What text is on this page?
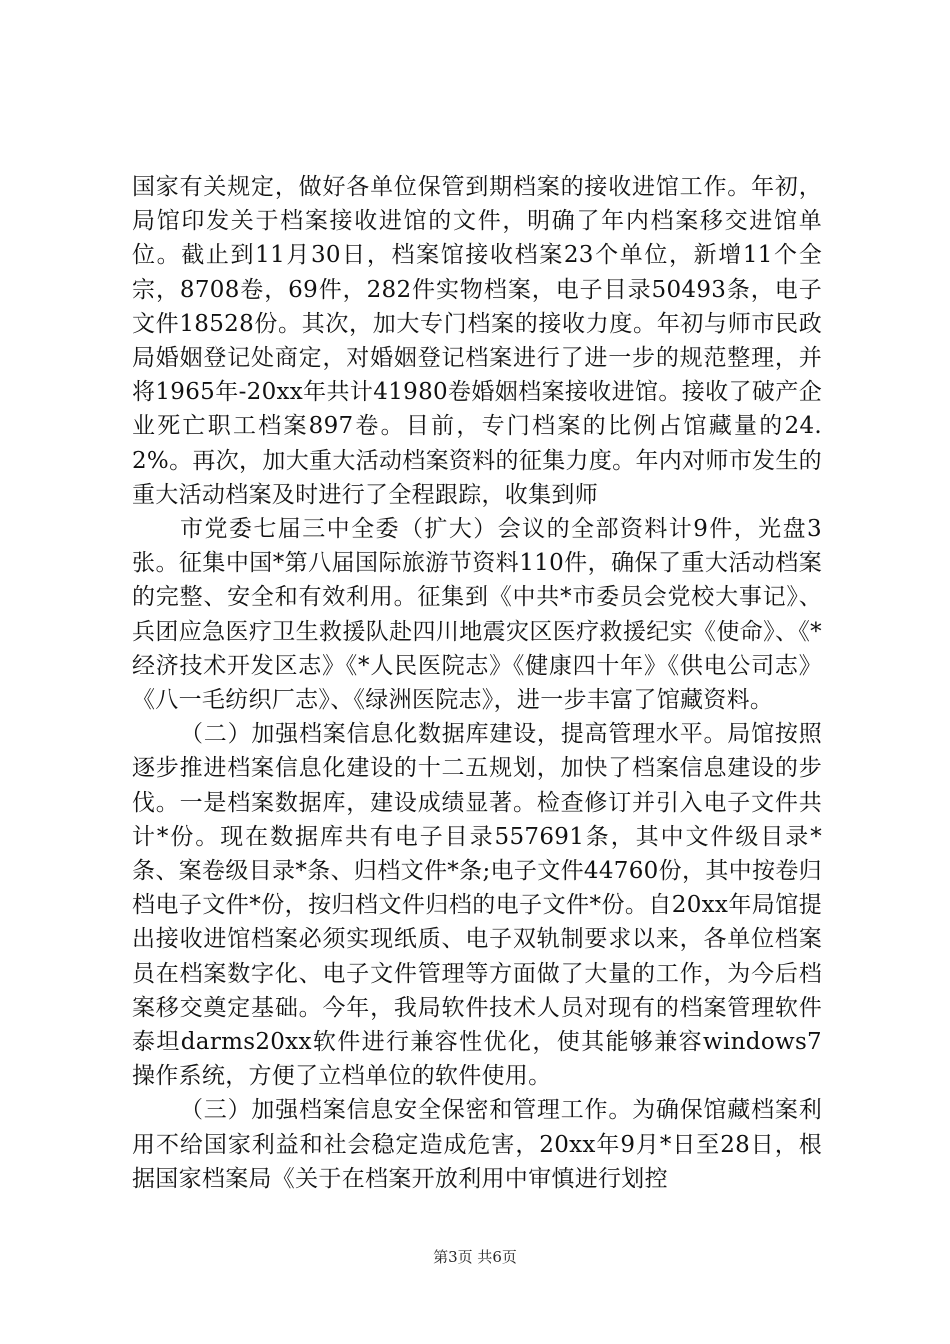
国家有关规定，做好各单位保管到期档案的接收进馆工作。年初，局馆印发关于档案接收进馆的文件，明确了年内档案移交进馆单位。截止到11月30日，档案馆接收档案23个单位，新增11个全宗，8708卷，69件，282件实物档案，电子目录50493条，电子文件18528份。其次，加大专门档案的接收力度。年初与师市民政局婚姻登记处商定，对婚姻登记档案进行了进一步的规范整理，并将1965年-20xx年共计41980卷婚姻档案接收进馆。接收了破产企业死亡职工档案897卷。目前，专门档案的比例占馆藏量的24.2%。再次，加大重大活动档案资料的征集力度。年内对师市发生的重大活动档案及时进行了全程跟踪，收集到师

市党委七届三中全委（扩大）会议的全部资料计9件，光盘3张。征集中国*第八届国际旅游节资料110件，确保了重大活动档案的完整、安全和有效利用。征集到《中共*市委员会党校大事记》、兵团应急医疗卫生救援队赴四川地震灾区医疗救援纪实《使命》、《*经济技术开发区志》《*人民医院志》《健康四十年》《供电公司志》《八一毛纺织厂志》、《绿洲医院志》，进一步丰富了馆藏资料。

（二）加强档案信息化数据库建设，提高管理水平。局馆按照逐步推进档案信息化建设的十二五规划，加快了档案信息建设的步伐。一是档案数据库，建设成绩显著。检查修订并引入电子文件共计*份。现在数据库共有电子目录557691条，其中文件级目录*条、案卷级目录*条、归档文件*条;电子文件44760份，其中按卷归档电子文件*份，按归档文件归档的电子文件*份。自20xx年局馆提出接收进馆档案必须实现纸质、电子双轨制要求以来，各单位档案员在档案数字化、电子文件管理等方面做了大量的工作，为今后档案移交奠定基础。今年，我局软件技术人员对现有的档案管理软件泰坦darms20xx软件进行兼容性优化，使其能够兼容windows7操作系统，方便了立档单位的软件使用。

（三）加强档案信息安全保密和管理工作。为确保馆藏档案利用不给国家利益和社会稳定造成危害，20xx年9月*日至28日，根据国家档案局《关于在档案开放利用中审慎进行划控

第3页 共6页
